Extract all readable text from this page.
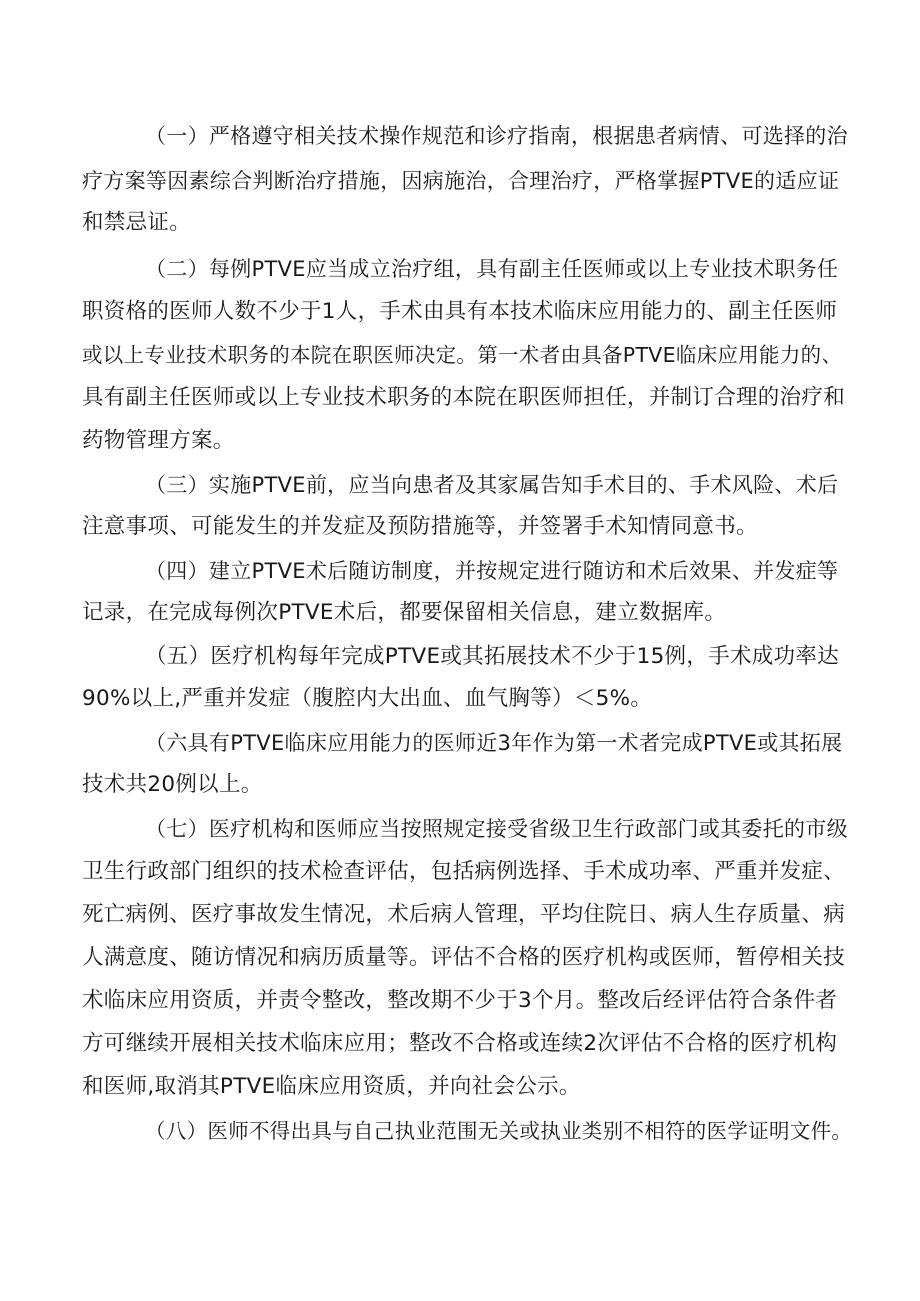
（一）严格遵守相关技术操作规范和诊疗指南，根据患者病情、可选择的治
疗方案等因素综合判断治疗措施，因病施治，合理治疗，严格掌握PTVE的适应证
和禁忌证。
（二）每例PTVE应当成立治疗组，具有副主任医师或以上专业技术职务任
职资格的医师人数不少于1人，手术由具有本技术临床应用能力的、副主任医师
或以上专业技术职务的本院在职医师决定。第一术者由具备PTVE临床应用能力的、
具有副主任医师或以上专业技术职务的本院在职医师担任，并制订合理的治疗和
药物管理方案。
（三）实施PTVE前，应当向患者及其家属告知手术目的、手术风险、术后
注意事项、可能发生的并发症及预防措施等，并签署手术知情同意书。
（四）建立PTVE术后随访制度，并按规定进行随访和术后效果、并发症等
记录，在完成每例次PTVE术后，都要保留相关信息，建立数据库。
（五）医疗机构每年完成PTVE或其拓展技术不少于15例，手术成功率达
90%以上,严重并发症（腹腔内大出血、血气胸等）＜5%。
（六具有PTVE临床应用能力的医师近3年作为第一术者完成PTVE或其拓展
技术共20例以上。
（七）医疗机构和医师应当按照规定接受省级卫生行政部门或其委托的市级
卫生行政部门组织的技术检查评估，包括病例选择、手术成功率、严重并发症、
死亡病例、医疗事故发生情况，术后病人管理，平均住院日、病人生存质量、病
人满意度、随访情况和病历质量等。评估不合格的医疗机构或医师，暂停相关技
术临床应用资质，并责令整改，整改期不少于3个月。整改后经评估符合条件者
方可继续开展相关技术临床应用；整改不合格或连续2次评估不合格的医疗机构
和医师,取消其PTVE临床应用资质，并向社会公示。
（八）医师不得出具与自己执业范围无关或执业类别不相符的医学证明文件。
